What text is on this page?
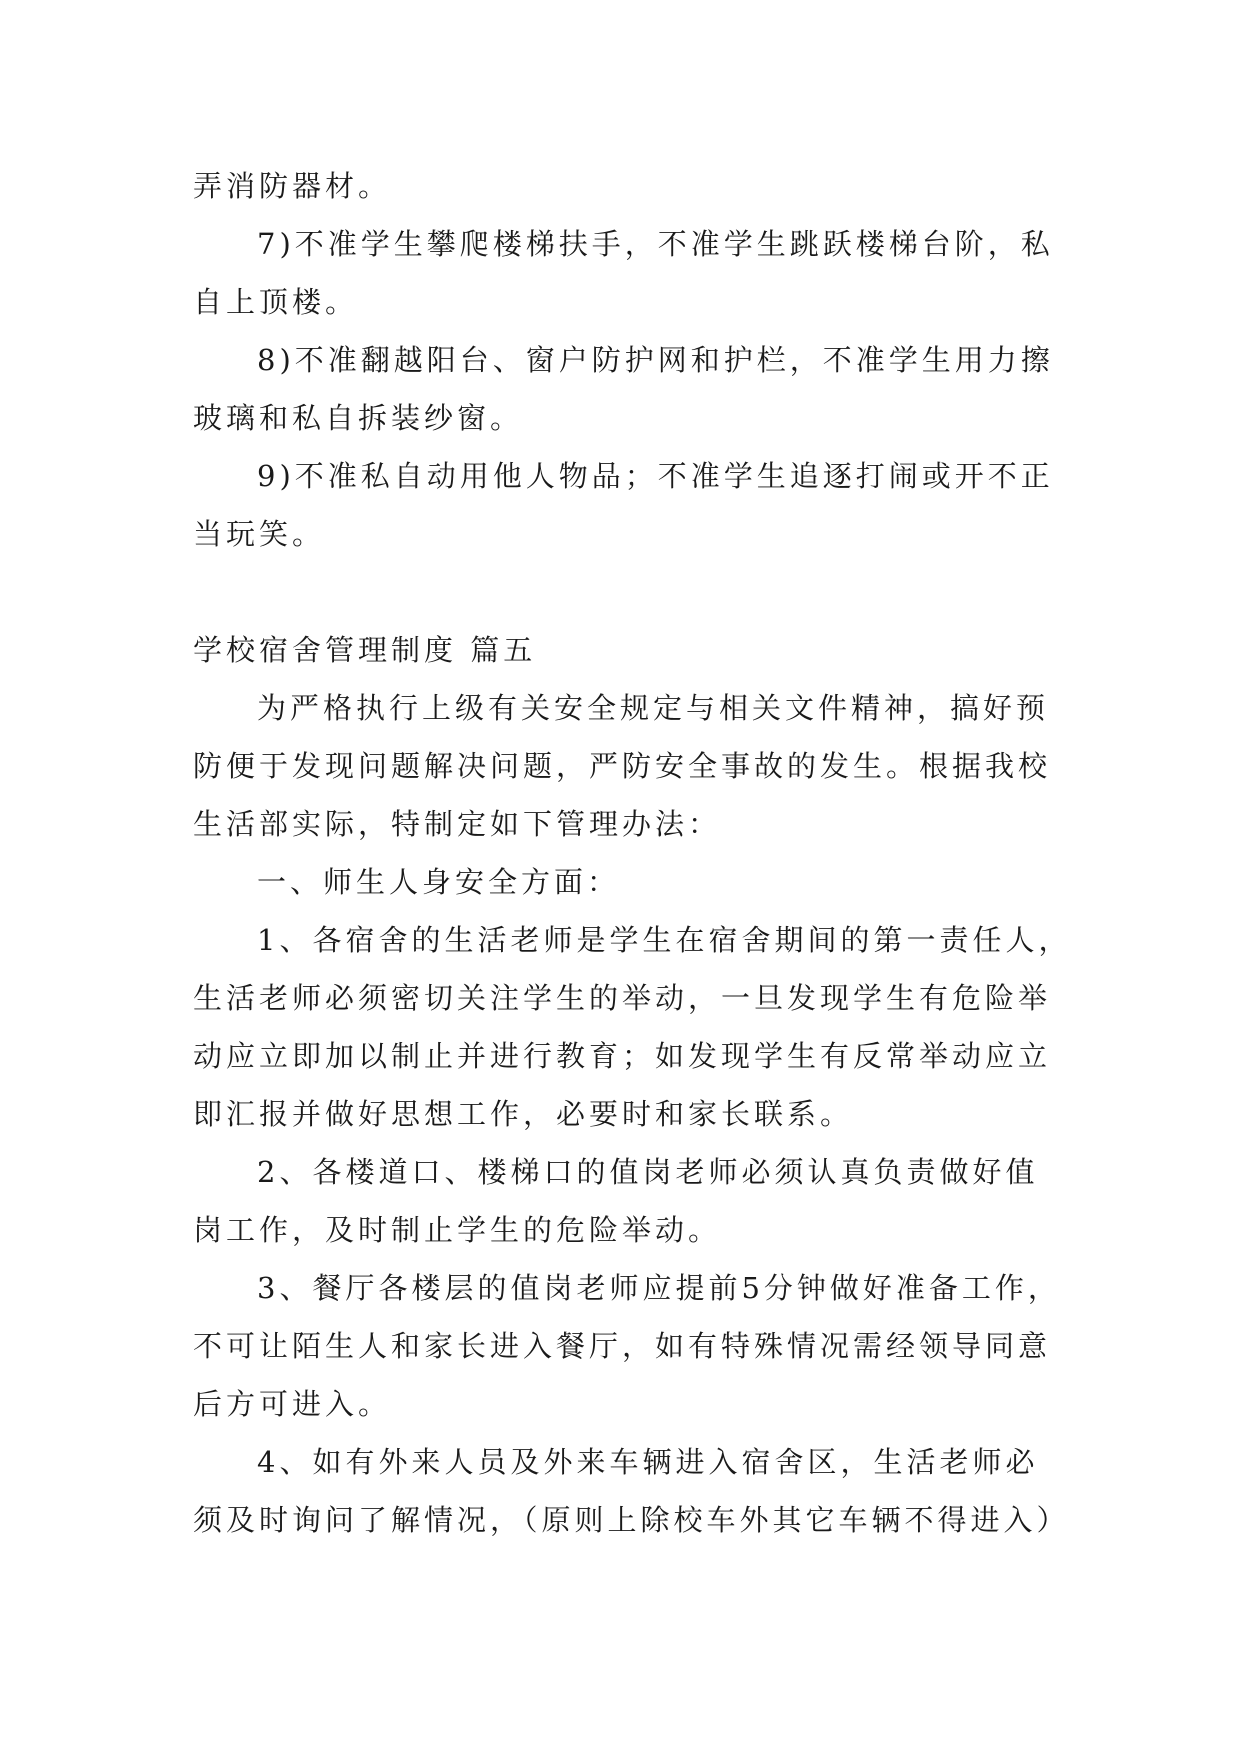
弄消防器材。
7)不准学生攀爬楼梯扶手，不准学生跳跃楼梯台阶，私
自上顶楼。
8)不准翻越阳台、窗户防护网和护栏，不准学生用力擦
玻璃和私自拆装纱窗。
9)不准私自动用他人物品；不准学生追逐打闹或开不正
当玩笑。
学校宿舍管理制度 篇五
为严格执行上级有关安全规定与相关文件精神，搞好预
防便于发现问题解决问题，严防安全事故的发生。根据我校
生活部实际，特制定如下管理办法：
一、师生人身安全方面：
1、各宿舍的生活老师是学生在宿舍期间的第一责任人，
生活老师必须密切关注学生的举动，一旦发现学生有危险举
动应立即加以制止并进行教育；如发现学生有反常举动应立
即汇报并做好思想工作，必要时和家长联系。
2、各楼道口、楼梯口的值岗老师必须认真负责做好值
岗工作，及时制止学生的危险举动。
3、餐厅各楼层的值岗老师应提前5分钟做好准备工作，
不可让陌生人和家长进入餐厅，如有特殊情况需经领导同意
后方可进入。
4、如有外来人员及外来车辆进入宿舍区，生活老师必
须及时询问了解情况，（原则上除校车外其它车辆不得进入）
